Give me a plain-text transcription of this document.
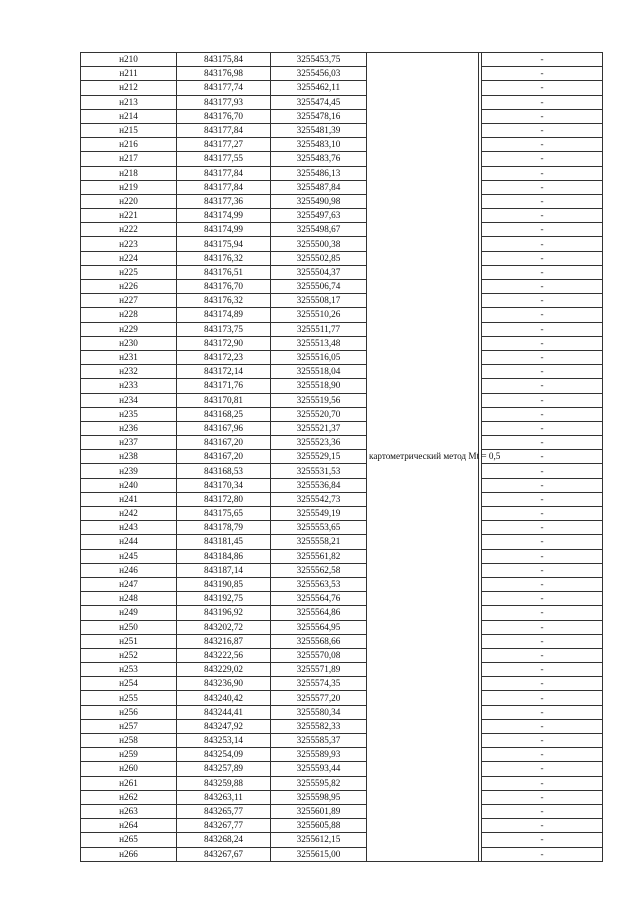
н210	843175,84	3255453,75	картометрический метод Mt = 0,5		-
н211	843176,98	3255456,03			-
н212	843177,74	3255462,11			-
н213	843177,93	3255474,45			-
н214	843176,70	3255478,16			-
н215	843177,84	3255481,39			-
н216	843177,27	3255483,10			-
н217	843177,55	3255483,76			-
н218	843177,84	3255486,13			-
н219	843177,84	3255487,84			-
н220	843177,36	3255490,98			-
н221	843174,99	3255497,63			-
н222	843174,99	3255498,67			-
н223	843175,94	3255500,38			-
н224	843176,32	3255502,85			-
н225	843176,51	3255504,37			-
н226	843176,70	3255506,74			-
н227	843176,32	3255508,17			-
н228	843174,89	3255510,26			-
н229	843173,75	3255511,77			-
н230	843172,90	3255513,48			-
н231	843172,23	3255516,05			-
н232	843172,14	3255518,04			-
н233	843171,76	3255518,90			-
н234	843170,81	3255519,56			-
н235	843168,25	3255520,70			-
н236	843167,96	3255521,37			-
н237	843167,20	3255523,36			-
н238	843167,20	3255529,15			-
н239	843168,53	3255531,53			-
н240	843170,34	3255536,84			-
н241	843172,80	3255542,73			-
н242	843175,65	3255549,19			-
н243	843178,79	3255553,65			-
н244	843181,45	3255558,21			-
н245	843184,86	3255561,82			-
н246	843187,14	3255562,58			-
н247	843190,85	3255563,53			-
н248	843192,75	3255564,76			-
н249	843196,92	3255564,86			-
н250	843202,72	3255564,95			-
н251	843216,87	3255568,66			-
н252	843222,56	3255570,08			-
н253	843229,02	3255571,89			-
н254	843236,90	3255574,35			-
н255	843240,42	3255577,20			-
н256	843244,41	3255580,34			-
н257	843247,92	3255582,33			-
н258	843253,14	3255585,37			-
н259	843254,09	3255589,93			-
н260	843257,89	3255593,44			-
н261	843259,88	3255595,82			-
н262	843263,11	3255598,95			-
н263	843265,77	3255601,89			-
н264	843267,77	3255605,88			-
н265	843268,24	3255612,15			-
н266	843267,67	3255615,00			-
